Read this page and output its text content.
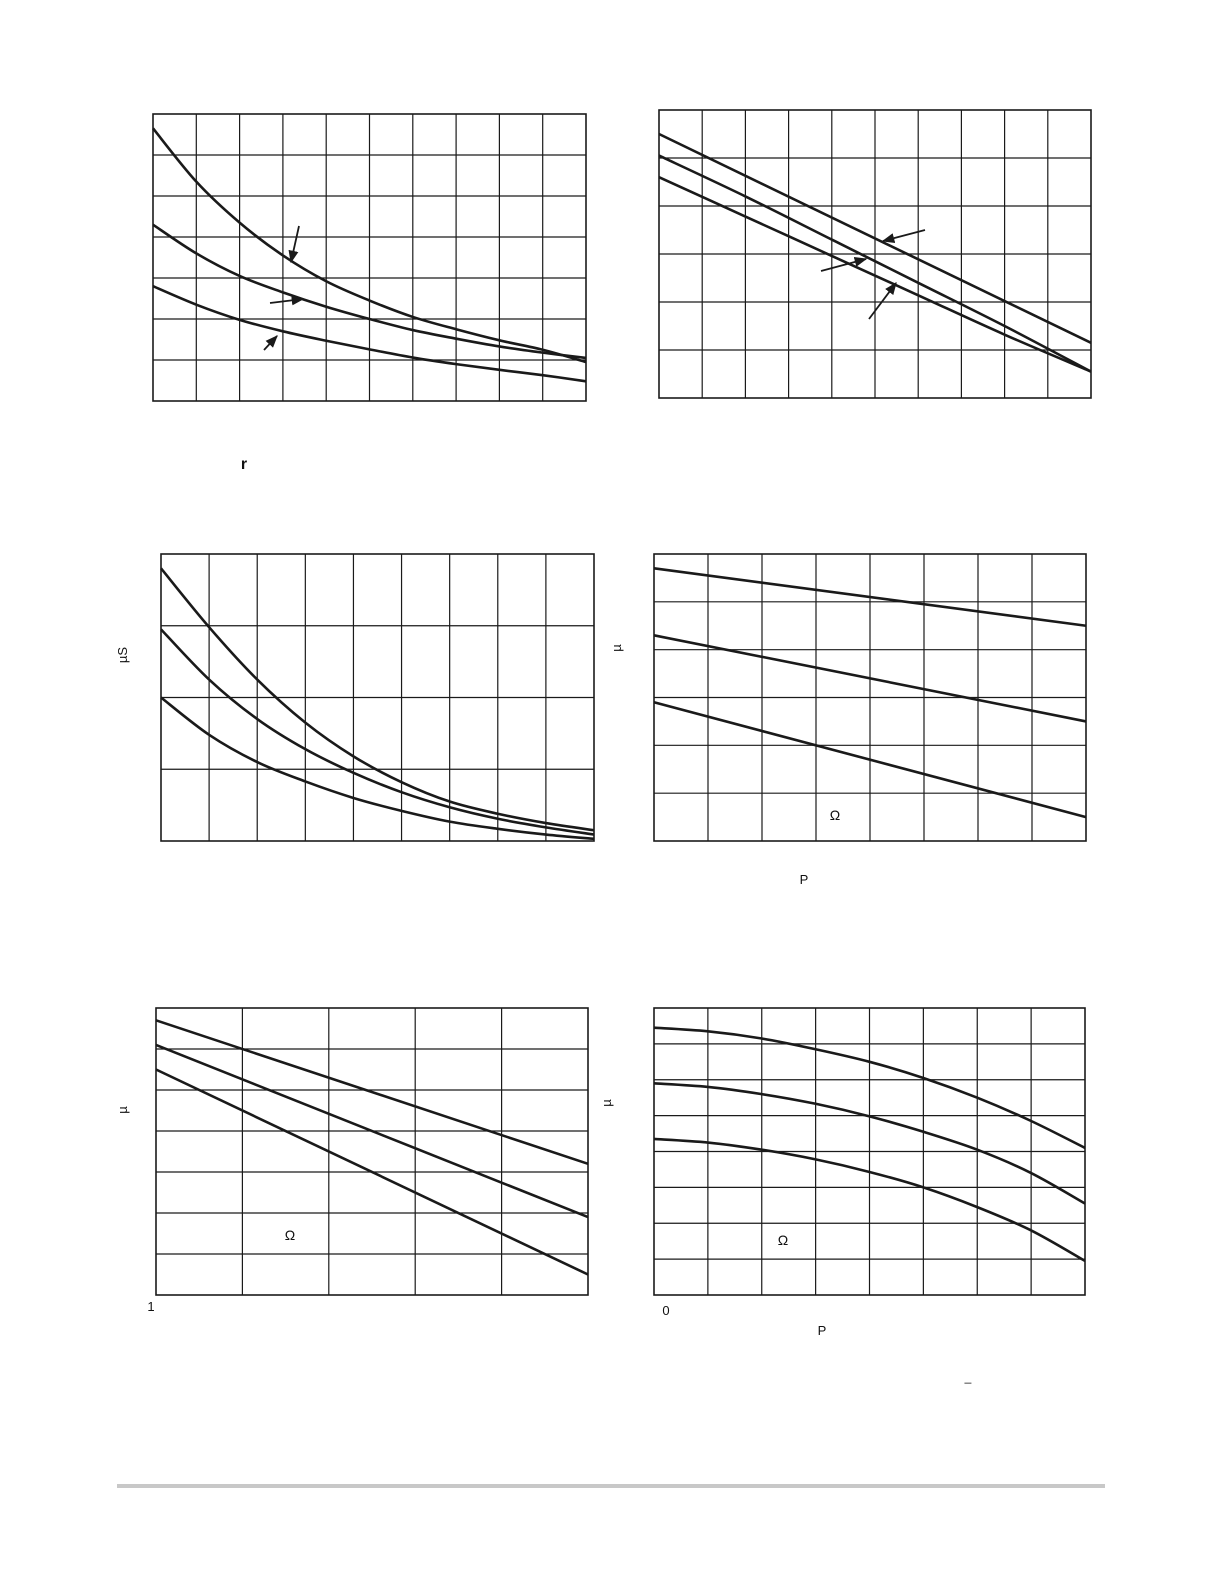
r
µS	µ
P
Ω
µ
1
Ω
µ
P
0
Ω
_
